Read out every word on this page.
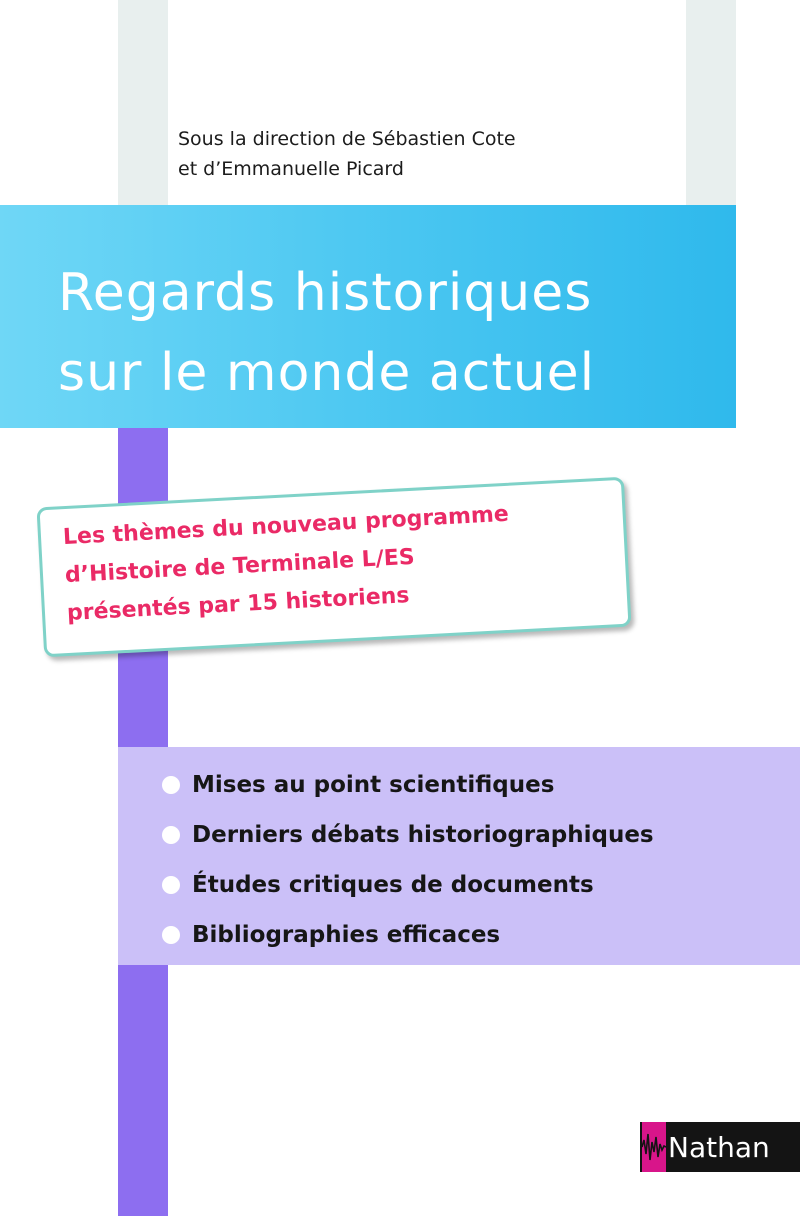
Sous la direction de Sébastien Cote
et d’Emmanuelle Picard
Regards historiques
sur le monde actuel
Les thèmes du nouveau programme
d’Histoire de Terminale L/ES
présentés par 15 historiens
Mises au point scientifiques
Derniers débats historiographiques
Études critiques de documents
Bibliographies efficaces
Nathan
